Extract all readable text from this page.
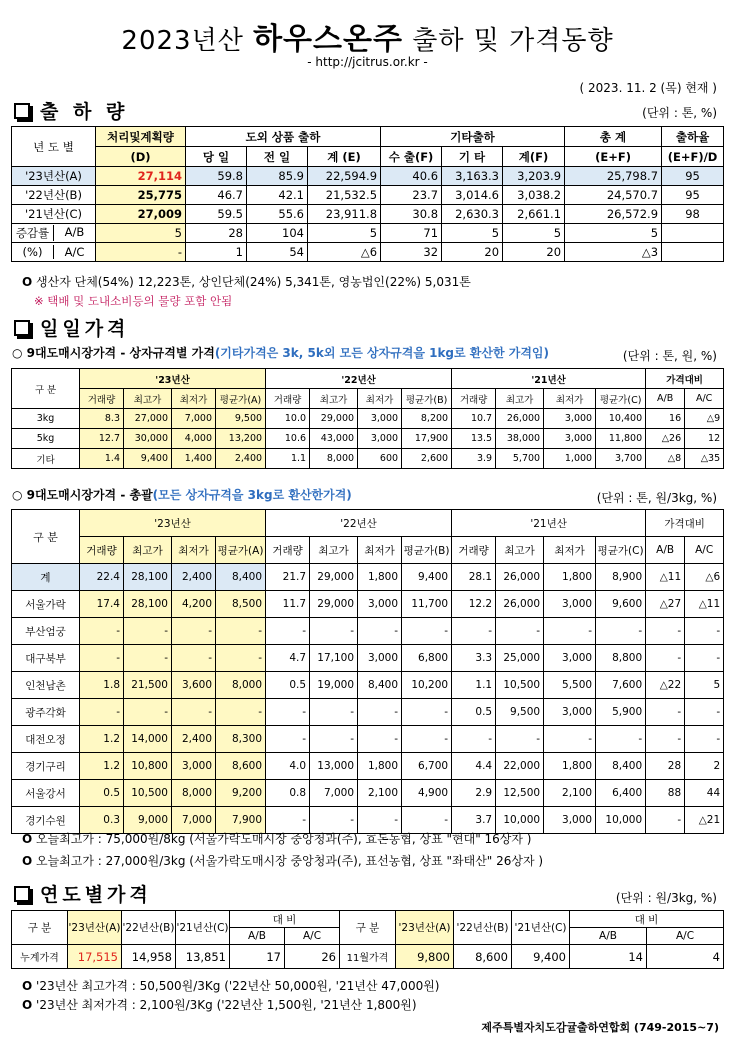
2023년산 하우스온주 출하 및 가격동향
- http://jcitrus.or.kr -
( 2023. 11. 2 (목) 현재 )
출 하 량	(단위 : 톤, %)
년 도 별	처리및계획량	도외 상품 출하			기타출하			총 계	출하율
	(D)	당 일	전 일	계 (E)	수 출(F)	기 타	계(F)	(E+F)	(E+F)/D
'23년산(A)	27,114	59.8	85.9	22,594.9	40.6	3,163.3	3,203.9	25,798.7	95
'22년산(B)	25,775	46.7	42.1	21,532.5	23.7	3,014.6	3,038.2	24,570.7	95
'21년산(C)	27,009	59.5	55.6	23,911.8	30.8	2,630.3	2,661.1	26,572.9	98

증감률 A/B	5	28	104	5	71	5	5	5	

(%) A/C	-	1	54	△6	32	20	20	△3	
O 생산자 단체(54%) 12,223톤, 상인단체(24%) 5,341톤, 영농법인(22%) 5,031톤
※ 택배 및 도내소비등의 물량 포함 안됨
일일가격
○ 9대도매시장가격 - 상자규격별 가격(기타가격은 3k, 5k외 모든 상자규격을 1kg로 환산한 가격임)	(단위 : 톤, 원, %)
구 분	'23년산				'22년산				'21년산				가격대비	
	거래량	최고가	최저가	평균가(A)	거래량	최고가	최저가	평균가(B)	거래량	최고가	최저가	평균가(C)	A/B	A/C
3kg	8.3	27,000	7,000	9,500	10.0	29,000	3,000	8,200	10.7	26,000	3,000	10,400	16	△9
5kg	12.7	30,000	4,000	13,200	10.6	43,000	3,000	17,900	13.5	38,000	3,000	11,800	△26	12
기타	1.4	9,400	1,400	2,400	1.1	8,000	600	2,600	3.9	5,700	1,000	3,700	△8	△35
○ 9대도매시장가격 - 총괄(모든 상자규격을 3kg로 환산한가격)	(단위 : 톤, 원/3kg, %)
구 분	'23년산				'22년산				'21년산				가격대비	
	거래량	최고가	최저가	평균가(A)	거래량	최고가	최저가	평균가(B)	거래량	최고가	최저가	평균가(C)	A/B	A/C
계	22.4	28,100	2,400	8,400	21.7	29,000	1,800	9,400	28.1	26,000	1,800	8,900	△11	△6
서울가락	17.4	28,100	4,200	8,500	11.7	29,000	3,000	11,700	12.2	26,000	3,000	9,600	△27	△11
부산엄궁	-	-	-	-	-	-	-	-	-	-	-	-	-	-
대구북부	-	-	-	-	4.7	17,100	3,000	6,800	3.3	25,000	3,000	8,800	-	-
인천남촌	1.8	21,500	3,600	8,000	0.5	19,000	8,400	10,200	1.1	10,500	5,500	7,600	△22	5
광주각화	-	-	-	-	-	-	-	-	0.5	9,500	3,000	5,900	-	-
대전오정	1.2	14,000	2,400	8,300	-	-	-	-	-	-	-	-	-	-
경기구리	1.2	10,800	3,000	8,600	4.0	13,000	1,800	6,700	4.4	22,000	1,800	8,400	28	2
서울강서	0.5	10,500	8,000	9,200	0.8	7,000	2,100	4,900	2.9	12,500	2,100	6,400	88	44
경기수원	0.3	9,000	7,000	7,900	-	-	-	-	3.7	10,000	3,000	10,000	-	△21
O 오늘최고가 : 75,000원/8kg (서울가락도매시장 중앙청과(주), 효돈농협, 상표 "현대" 16상자 )
O 오늘최고가 : 27,000원/3kg (서울가락도매시장 중앙청과(주), 표선농협, 상표 "좌태산" 26상자 )
연도별가격	(단위 : 원/3kg, %)
구 분	'23년산(A)	'22년산(B)	'21년산(C)	대 비		구 분	'23년산(A)	'22년산(B)	'21년산(C)	대 비	
				A/B	A/C					A/B	A/C
누계가격	17,515	14,958	13,851	17	26	11월가격	9,800	8,600	9,400	14	4
O '23년산 최고가격 : 50,500원/3Kg ('22년산 50,000원, '21년산 47,000원)
O '23년산 최저가격 : 2,100원/3Kg ('22년산 1,500원, '21년산 1,800원)
제주특별자치도감귤출하연합회 (749-2015~7)
